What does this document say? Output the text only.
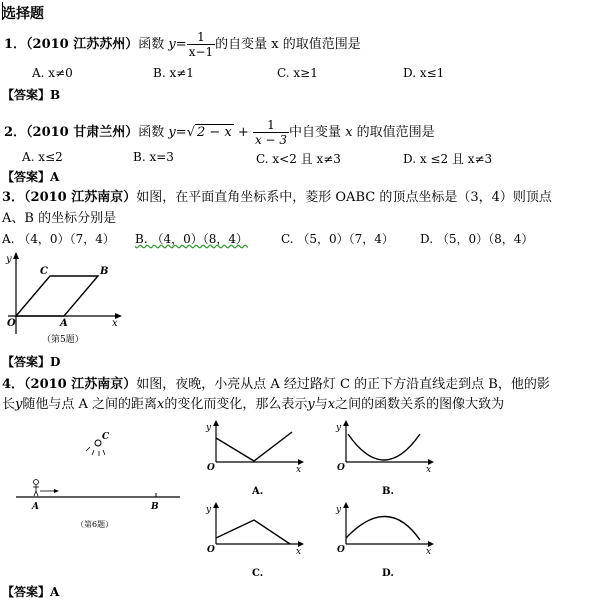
选择题
1．（2010 江苏苏州）函数 $y= \frac{1}{x-1}$ 的自变量 x 的取值范围是
A. x≠0	B. x≠1	C. x≥1	D. x≤1
【答案】B
2．（2010 甘肃兰州）函数 y=√ $2 - x + \frac{1}{x - 3}$ 中自变量 x 的取值范围是
A. x≤2	B. x=3	C. x<2 且 x≠3	D. x ≤2 且 x≠3
【答案】A
3．（2010 江苏南京）如图，在平面直角坐标系中，菱形 OABC 的顶点坐标是（3，4）则顶点
A、B 的坐标分别是
A. （4，0）（7，4） B. （4，0）（8，4）	C. （5，0）（7，4） D. （5，0）（8，4）
y
C	B
O	A	x
（第5题）
【答案】D
4．（2010 江苏南京）如图，夜晚，小亮从点 A 经过路灯 C 的正下方沿直线走到点 B，他的影
长y随他与点 A 之间的距离x的变化而变化，那么表示y与x之间的函数关系的图像大致为
C
A	B
（第6题）
y
O	x
A.
y
O	x
B.
y
O	x
C.
y
O	x
D.
【答案】A
